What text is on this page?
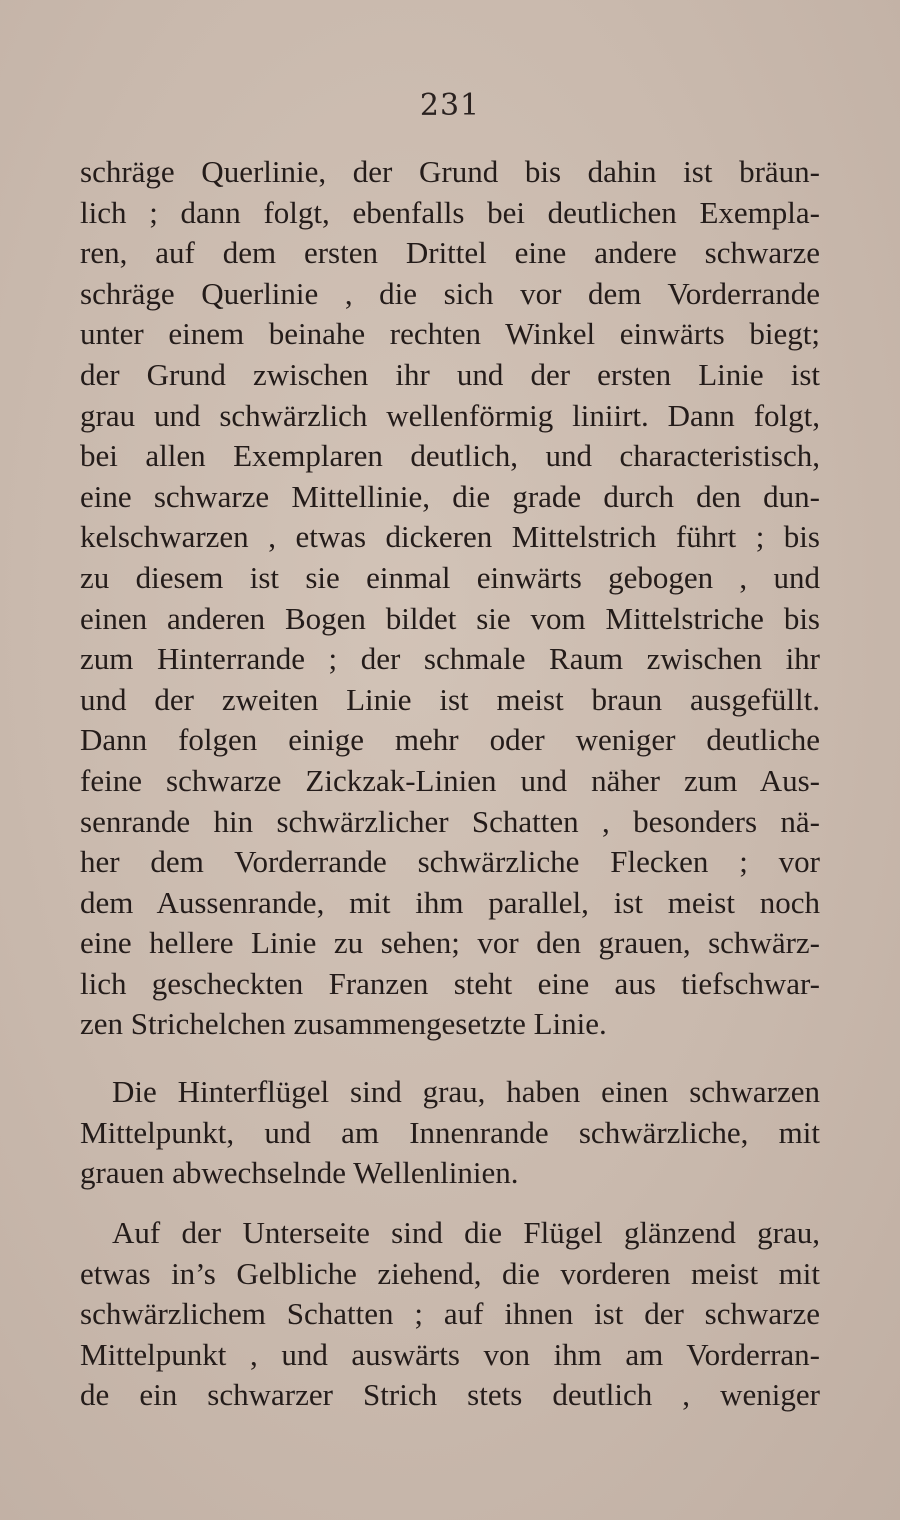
231
schräge Querlinie, der Grund bis dahin ist bräun-
lich ; dann folgt, ebenfalls bei deutlichen Exempla-
ren, auf dem ersten Drittel eine andere schwarze
schräge Querlinie , die sich vor dem Vorderrande
unter einem beinahe rechten Winkel einwärts biegt;
der Grund zwischen ihr und der ersten Linie ist
grau und schwärzlich wellenförmig liniirt. Dann folgt,
bei allen Exemplaren deutlich, und characteristisch,
eine schwarze Mittellinie, die grade durch den dun-
kelschwarzen , etwas dickeren Mittelstrich führt ; bis
zu diesem ist sie einmal einwärts gebogen , und
einen anderen Bogen bildet sie vom Mittelstriche bis
zum Hinterrande ; der schmale Raum zwischen ihr
und der zweiten Linie ist meist braun ausgefüllt.
Dann folgen einige mehr oder weniger deutliche
feine schwarze Zickzak-Linien und näher zum Aus-
senrande hin schwärzlicher Schatten , besonders nä-
her dem Vorderrande schwärzliche Flecken ; vor
dem Aussenrande, mit ihm parallel, ist meist noch
eine hellere Linie zu sehen; vor den grauen, schwärz-
lich gescheckten Franzen steht eine aus tiefschwar-
zen Strichelchen zusammengesetzte Linie.
Die Hinterflügel sind grau, haben einen schwarzen
Mittelpunkt, und am Innenrande schwärzliche, mit
grauen abwechselnde Wellenlinien.
Auf der Unterseite sind die Flügel glänzend grau,
etwas in’s Gelbliche ziehend, die vorderen meist mit
schwärzlichem Schatten ; auf ihnen ist der schwarze
Mittelpunkt , und auswärts von ihm am Vorderran-
de ein schwarzer Strich stets deutlich , weniger
